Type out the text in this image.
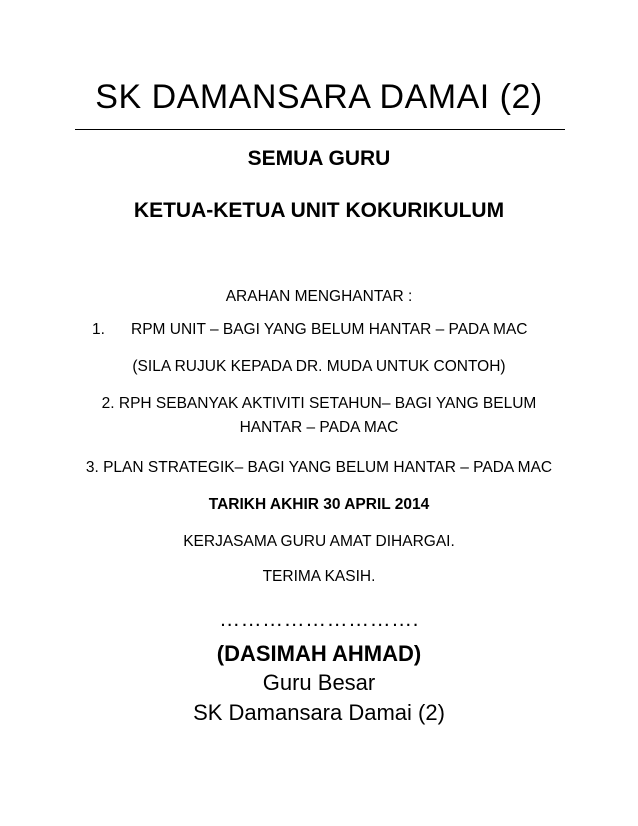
SK DAMANSARA DAMAI (2)
SEMUA GURU
KETUA-KETUA UNIT KOKURIKULUM
ARAHAN MENGHANTAR :
1. RPM UNIT – BAGI YANG BELUM HANTAR – PADA MAC
(SILA RUJUK KEPADA DR. MUDA UNTUK CONTOH)
2. RPH SEBANYAK AKTIVITI SETAHUN– BAGI YANG BELUM
HANTAR – PADA MAC
3. PLAN STRATEGIK– BAGI YANG BELUM HANTAR – PADA MAC
TARIKH AKHIR 30 APRIL 2014
KERJASAMA GURU AMAT DIHARGAI.
TERIMA KASIH.
……………………….
(DASIMAH AHMAD)
Guru Besar
SK Damansara Damai (2)
